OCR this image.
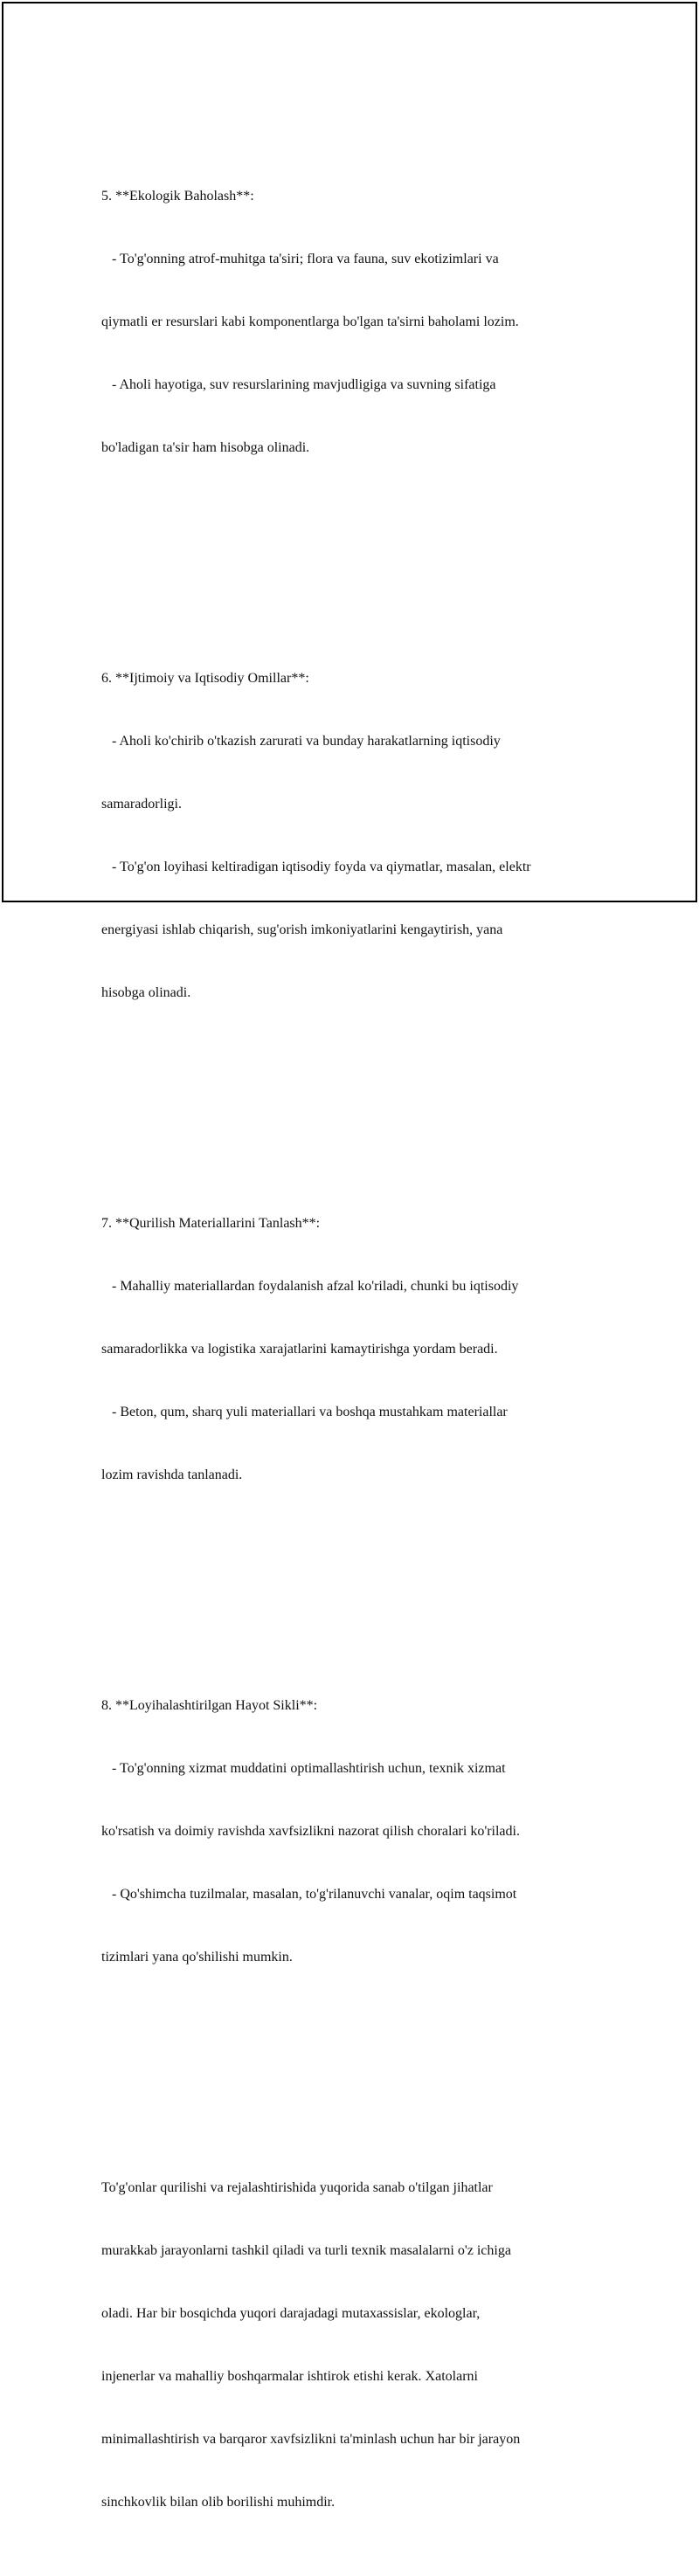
5. **Ekologik Baholash**:

- To'g'onning atrof-muhitga ta'siri; flora va fauna, suv ekotizimlari va

qiymatli er resurslari kabi komponentlarga bo'lgan ta'sirni baholami lozim.

- Aholi hayotiga, suv resurslarining mavjudligiga va suvning sifatiga

bo'ladigan ta'sir ham hisobga olinadi.

6. **Ijtimoiy va Iqtisodiy Omillar**:

- Aholi ko'chirib o'tkazish zarurati va bunday harakatlarning iqtisodiy

samaradorligi.

- To'g'on loyihasi keltiradigan iqtisodiy foyda va qiymatlar, masalan, elektr

energiyasi ishlab chiqarish, sug'orish imkoniyatlarini kengaytirish, yana

hisobga olinadi.

7. **Qurilish Materiallarini Tanlash**:

- Mahalliy materiallardan foydalanish afzal ko'riladi, chunki bu iqtisodiy

samaradorlikka va logistika xarajatlarini kamaytirishga yordam beradi.

- Beton, qum, sharq yuli materiallari va boshqa mustahkam materiallar

lozim ravishda tanlanadi.

8. **Loyihalashtirilgan Hayot Sikli**:

- To'g'onning xizmat muddatini optimallashtirish uchun, texnik xizmat

ko'rsatish va doimiy ravishda xavfsizlikni nazorat qilish choralari ko'riladi.

- Qo'shimcha tuzilmalar, masalan, to'g'rilanuvchi vanalar, oqim taqsimot

tizimlari yana qo'shilishi mumkin.

To'g'onlar qurilishi va rejalashtirishida yuqorida sanab o'tilgan jihatlar

murakkab jarayonlarni tashkil qiladi va turli texnik masalalarni o'z ichiga

oladi. Har bir bosqichda yuqori darajadagi mutaxassislar, ekologlar,

injenerlar va mahalliy boshqarmalar ishtirok etishi kerak. Xatolarni

minimallashtirish va barqaror xavfsizlikni ta'minlash uchun har bir jarayon

sinchkovlik bilan olib borilishi muhimdir.
